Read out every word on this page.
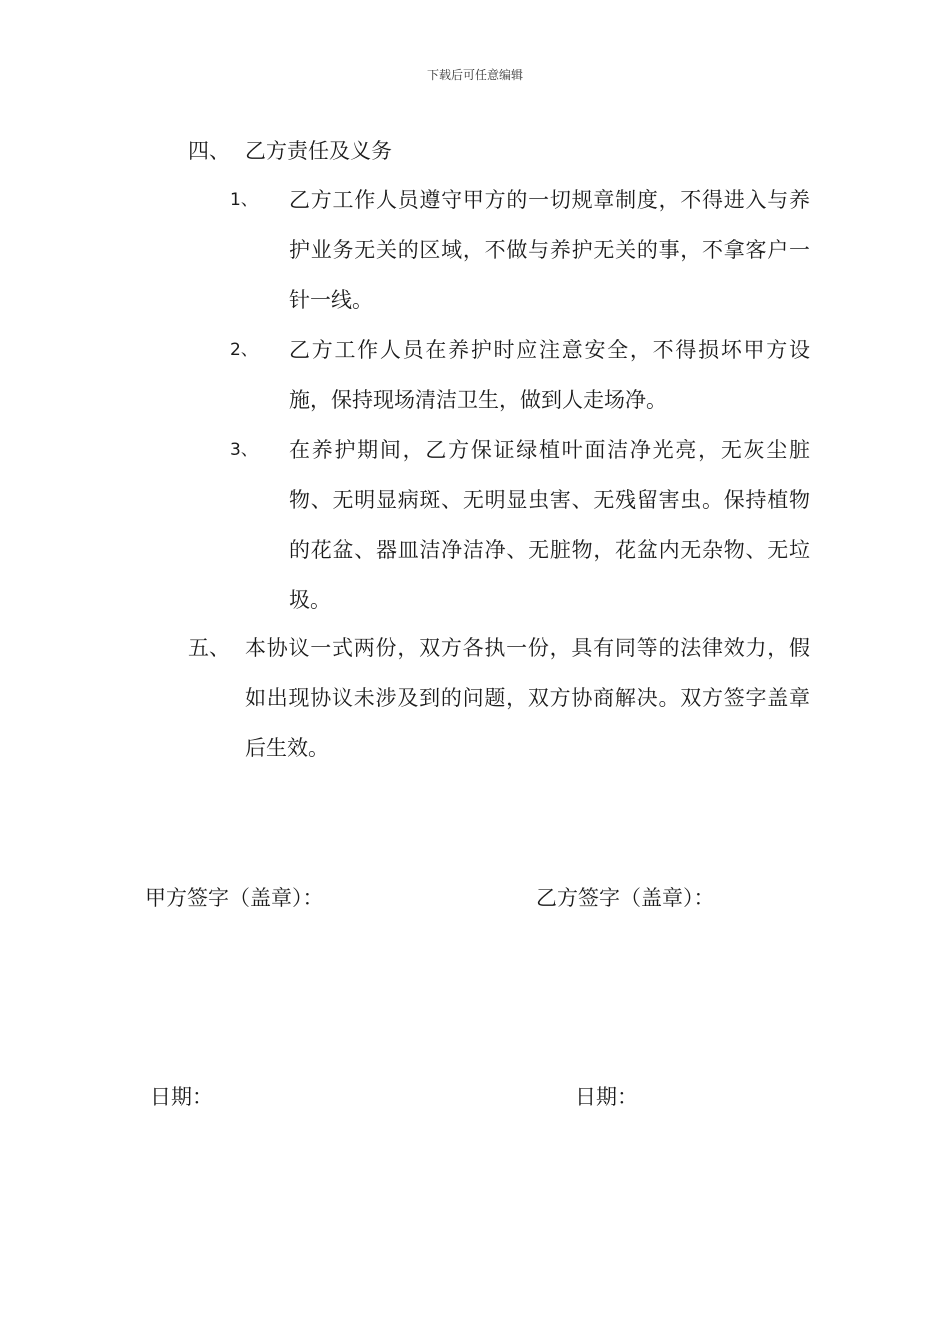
下载后可任意编辑
四、 乙方责任及义务
1、 乙方工作人员遵守甲方的一切规章制度，不得进入与养护业务无关的区域，不做与养护无关的事，不拿客户一针一线。
2、 乙方工作人员在养护时应注意安全，不得损坏甲方设施，保持现场清洁卫生，做到人走场净。
3、 在养护期间，乙方保证绿植叶面洁净光亮，无灰尘脏物、无明显病斑、无明显虫害、无残留害虫。保持植物的花盆、器皿洁净洁净、无脏物，花盆内无杂物、无垃圾。
五、 本协议一式两份，双方各执一份，具有同等的法律效力，假如出现协议未涉及到的问题，双方协商解决。双方签字盖章后生效。
甲方签字（盖章）：	乙方签字（盖章）：
日期：	日期：
